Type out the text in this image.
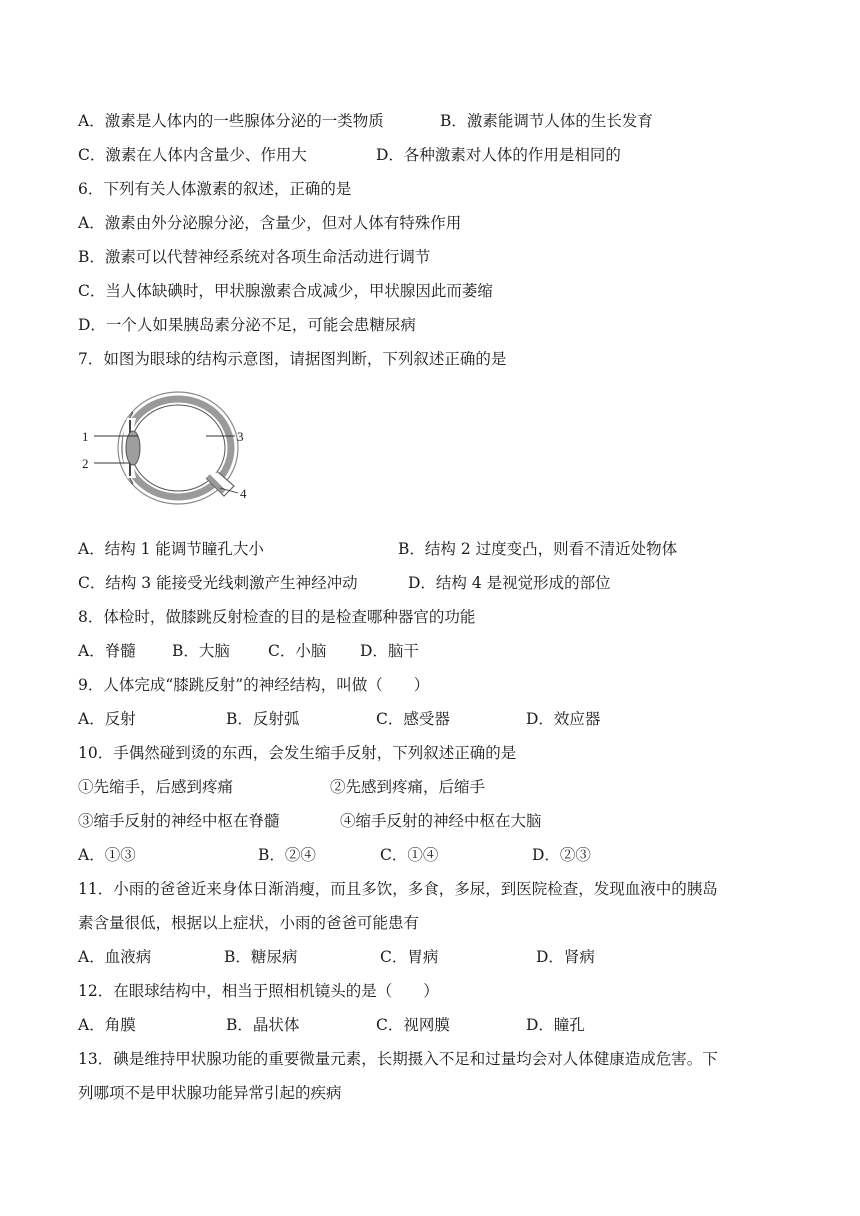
A．激素是人体内的一些腺体分泌的一类物质	B．激素能调节人体的生长发育
C．激素在人体内含量少、作用大	D．各种激素对人体的作用是相同的
6．下列有关人体激素的叙述，正确的是
A．激素由外分泌腺分泌，含量少，但对人体有特殊作用
B．激素可以代替神经系统对各项生命活动进行调节
C．当人体缺碘时，甲状腺激素合成减少，甲状腺因此而萎缩
D．一个人如果胰岛素分泌不足，可能会患糖尿病
7．如图为眼球的结构示意图，请据图判断，下列叙述正确的是
1
2
3
4
A．结构 1 能调节瞳孔大小	B．结构 2 过度变凸，则看不清近处物体
C．结构 3 能接受光线刺激产生神经冲动	D．结构 4 是视觉形成的部位
8．体检时，做膝跳反射检查的目的是检查哪种器官的功能
A．脊髓 B．大脑 C．小脑 D．脑干
9．人体完成“膝跳反射”的神经结构，叫做（　　）
A．反射	B．反射弧	C．感受器	D．效应器
10．手偶然碰到烫的东西，会发生缩手反射，下列叙述正确的是
①先缩手，后感到疼痛	②先感到疼痛，后缩手
③缩手反射的神经中枢在脊髓	④缩手反射的神经中枢在大脑
A．①③	B．②④	C．①④	D．②③
11．小雨的爸爸近来身体日渐消瘦，而且多饮，多食，多尿，到医院检查，发现血液中的胰岛
素含量很低，根据以上症状，小雨的爸爸可能患有
A．血液病	B．糖尿病	C．胃病	D．肾病
12．在眼球结构中，相当于照相机镜头的是（　　）
A．角膜	B．晶状体	C．视网膜	D．瞳孔
13．碘是维持甲状腺功能的重要微量元素，长期摄入不足和过量均会对人体健康造成危害。下
列哪项不是甲状腺功能异常引起的疾病
